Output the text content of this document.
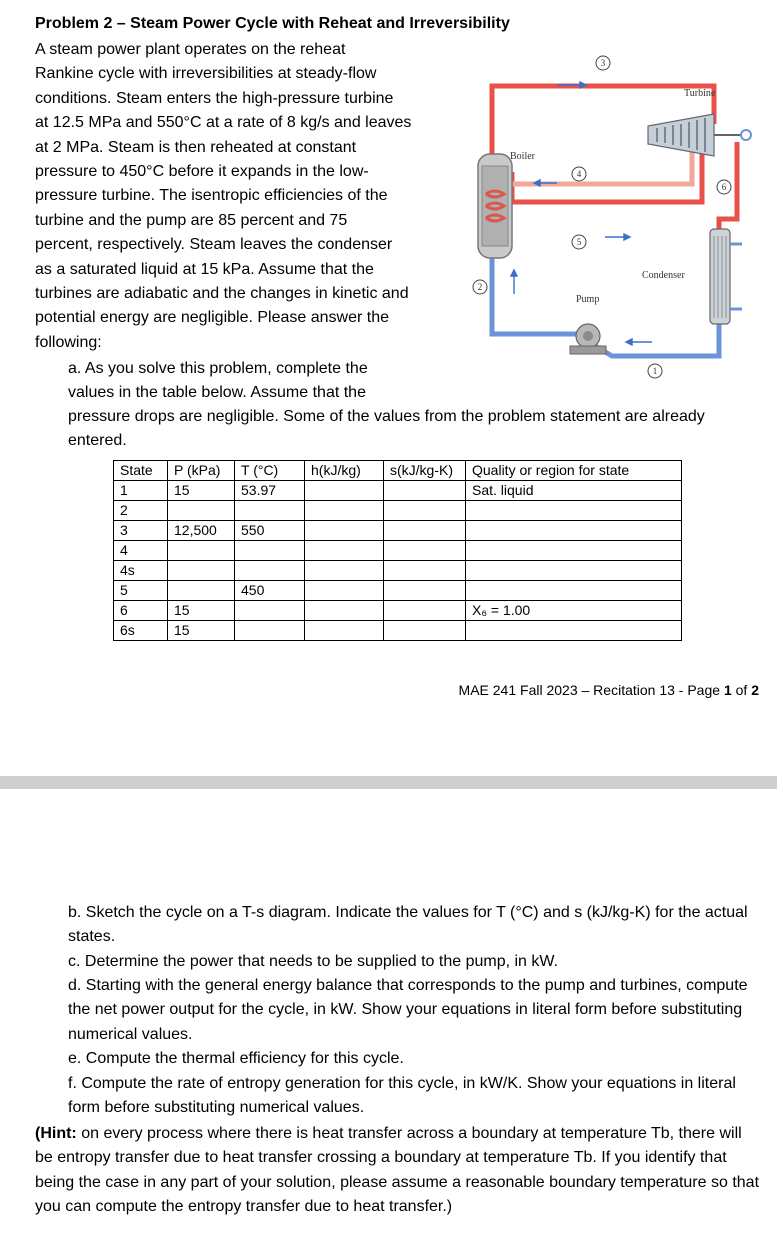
Problem 2 – Steam Power Cycle with Reheat and Irreversibility
A steam power plant operates on the reheat
Rankine cycle with irreversibilities at steady-flow
conditions. Steam enters the high-pressure turbine
at 12.5 MPa and 550°C at a rate of 8 kg/s and leaves
at 2 MPa. Steam is then reheated at constant
pressure to 450°C before it expands in the low-
pressure turbine. The isentropic efficiencies of the
turbine and the pump are 85 percent and 75
percent, respectively. Steam leaves the condenser
as a saturated liquid at 15 kPa. Assume that the
turbines are adiabatic and the changes in kinetic and
potential energy are negligible. Please answer the
following:
Boiler
Turbine
Condenser
Pump
3
4
6
5
2
1
a. As you solve this problem, complete the
values in the table below. Assume that the
pressure drops are negligible. Some of the values from the problem statement are already
entered.
State	P (kPa)	T (°C)	h(kJ/kg)	s(kJ/kg-K)	Quality or region for state
1	15	53.97			Sat. liquid
2					
3	12,500	550			
4					
4s					
5		450			
6	15				X₆ = 1.00
6s	15				
MAE 241 Fall 2023 – Recitation 13 - Page 1 of 2
b. Sketch the cycle on a T-s diagram. Indicate the values for T (°C) and s (kJ/kg-K) for the actual states.
c. Determine the power that needs to be supplied to the pump, in kW.
d. Starting with the general energy balance that corresponds to the pump and turbines, compute the net power output for the cycle, in kW. Show your equations in literal form before substituting numerical values.
e. Compute the thermal efficiency for this cycle.
f. Compute the rate of entropy generation for this cycle, in kW/K. Show your equations in literal form before substituting numerical values.
(Hint: on every process where there is heat transfer across a boundary at temperature Tb, there will be entropy transfer due to heat transfer crossing a boundary at temperature Tb. If you identify that being the case in any part of your solution, please assume a reasonable boundary temperature so that you can compute the entropy transfer due to heat transfer.)
